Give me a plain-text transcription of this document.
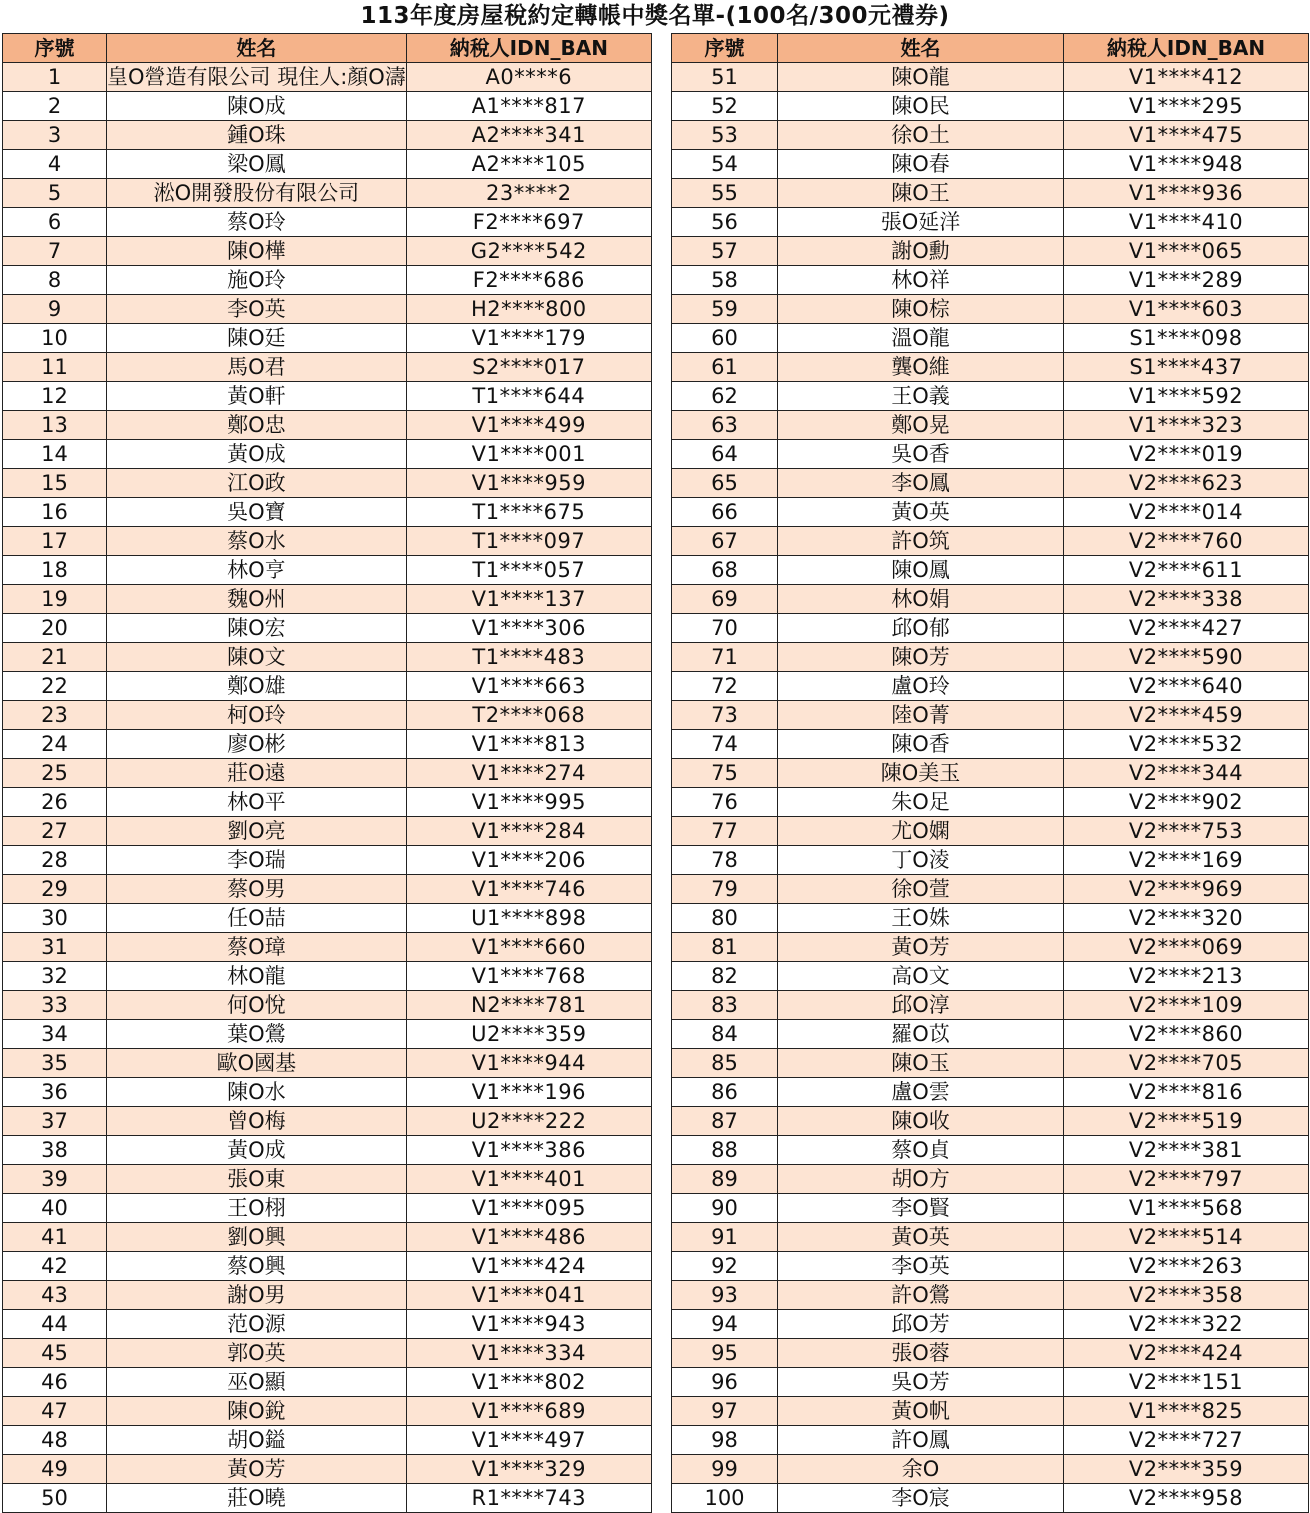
113年度房屋稅約定轉帳中獎名單-(100名/300元禮券)
序號	姓名	納稅人IDN_BAN
1	皇O營造有限公司 現住人:顏O濤	A0****6
2	陳O成	A1****817
3	鍾O珠	A2****341
4	梁O鳳	A2****105
5	淞O開發股份有限公司	23****2
6	蔡O玲	F2****697
7	陳O樺	G2****542
8	施O玲	F2****686
9	李O英	H2****800
10	陳O廷	V1****179
11	馬O君	S2****017
12	黃O軒	T1****644
13	鄭O忠	V1****499
14	黃O成	V1****001
15	江O政	V1****959
16	吳O寶	T1****675
17	蔡O水	T1****097
18	林O亨	T1****057
19	魏O州	V1****137
20	陳O宏	V1****306
21	陳O文	T1****483
22	鄭O雄	V1****663
23	柯O玲	T2****068
24	廖O彬	V1****813
25	莊O遠	V1****274
26	林O平	V1****995
27	劉O亮	V1****284
28	李O瑞	V1****206
29	蔡O男	V1****746
30	任O喆	U1****898
31	蔡O璋	V1****660
32	林O龍	V1****768
33	何O悅	N2****781
34	葉O鶯	U2****359
35	歐O國基	V1****944
36	陳O水	V1****196
37	曾O梅	U2****222
38	黃O成	V1****386
39	張O東	V1****401
40	王O栩	V1****095
41	劉O興	V1****486
42	蔡O興	V1****424
43	謝O男	V1****041
44	范O源	V1****943
45	郭O英	V1****334
46	巫O顯	V1****802
47	陳O銳	V1****689
48	胡O鎰	V1****497
49	黃O芳	V1****329
50	莊O曉	R1****743
序號	姓名	納稅人IDN_BAN
51	陳O龍	V1****412
52	陳O民	V1****295
53	徐O土	V1****475
54	陳O春	V1****948
55	陳O王	V1****936
56	張O延洋	V1****410
57	謝O勳	V1****065
58	林O祥	V1****289
59	陳O棕	V1****603
60	溫O龍	S1****098
61	龔O維	S1****437
62	王O義	V1****592
63	鄭O晃	V1****323
64	吳O香	V2****019
65	李O鳳	V2****623
66	黃O英	V2****014
67	許O筑	V2****760
68	陳O鳳	V2****611
69	林O娟	V2****338
70	邱O郁	V2****427
71	陳O芳	V2****590
72	盧O玲	V2****640
73	陸O菁	V2****459
74	陳O香	V2****532
75	陳O美玉	V2****344
76	朱O足	V2****902
77	尤O嫻	V2****753
78	丁O淩	V2****169
79	徐O萱	V2****969
80	王O姝	V2****320
81	黃O芳	V2****069
82	高O文	V2****213
83	邱O淳	V2****109
84	羅O苡	V2****860
85	陳O玉	V2****705
86	盧O雲	V2****816
87	陳O收	V2****519
88	蔡O貞	V2****381
89	胡O方	V2****797
90	李O賢	V1****568
91	黃O英	V2****514
92	李O英	V2****263
93	許O鶯	V2****358
94	邱O芳	V2****322
95	張O蓉	V2****424
96	吳O芳	V2****151
97	黃O帆	V1****825
98	許O鳳	V2****727
99	余O	V2****359
100	李O宸	V2****958
